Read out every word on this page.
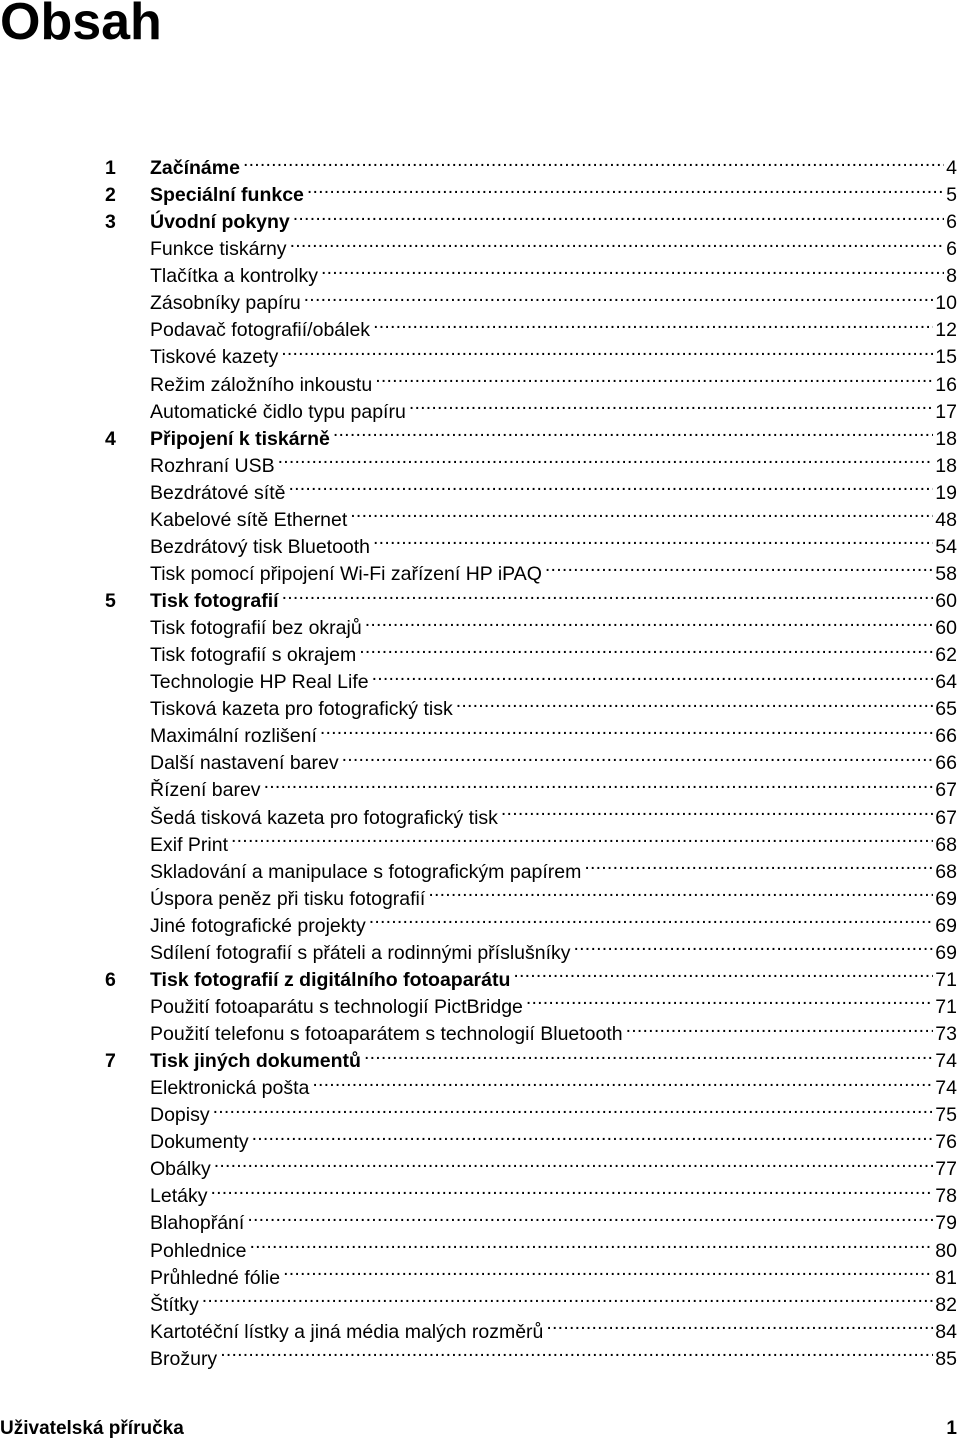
Obsah
1	Začínáme . . .	4
2	Speciální funkce . . .	5
3	Úvodní pokyny . . .	6
Funkce tiskárny . . .	6
Tlačítka a kontrolky . . .	8
Zásobníky papíru . . .	10
Podavač fotografií/obálek . . .	12
Tiskové kazety . . .	15
Režim záložního inkoustu . . .	16
Automatické čidlo typu papíru . . .	17
4	Připojení k tiskárně . . .	18
Rozhraní USB . . .	18
Bezdrátové sítě . . .	19
Kabelové sítě Ethernet . . .	48
Bezdrátový tisk Bluetooth . . .	54
Tisk pomocí připojení Wi-Fi zařízení HP iPAQ . . .	58
5	Tisk fotografií . . .	60
Tisk fotografií bez okrajů . . .	60
Tisk fotografií s okrajem . . .	62
Technologie HP Real Life . . .	64
Tisková kazeta pro fotografický tisk . . .	65
Maximální rozlišení . . .	66
Další nastavení barev . . .	66
Řízení barev . . .	67
Šedá tisková kazeta pro fotografický tisk . . .	67
Exif Print . . .	68
Skladování a manipulace s fotografickým papírem . . .	68
Úspora peněz při tisku fotografií . . .	69
Jiné fotografické projekty . . .	69
Sdílení fotografií s přáteli a rodinnými příslušníky . . .	69
6	Tisk fotografií z digitálního fotoaparátu . . .	71
Použití fotoaparátu s technologií PictBridge . . .	71
Použití telefonu s fotoaparátem s technologií Bluetooth . . .	73
7	Tisk jiných dokumentů . . .	74
Elektronická pošta . . .	74
Dopisy . . .	75
Dokumenty . . .	76
Obálky . . .	77
Letáky . . .	78
Blahopřání . . .	79
Pohlednice . . .	80
Průhledné fólie . . .	81
Štítky . . .	82
Kartotéční lístky a jiná média malých rozměrů . . .	84
Brožury . . .	85
Uživatelská příručka	1
